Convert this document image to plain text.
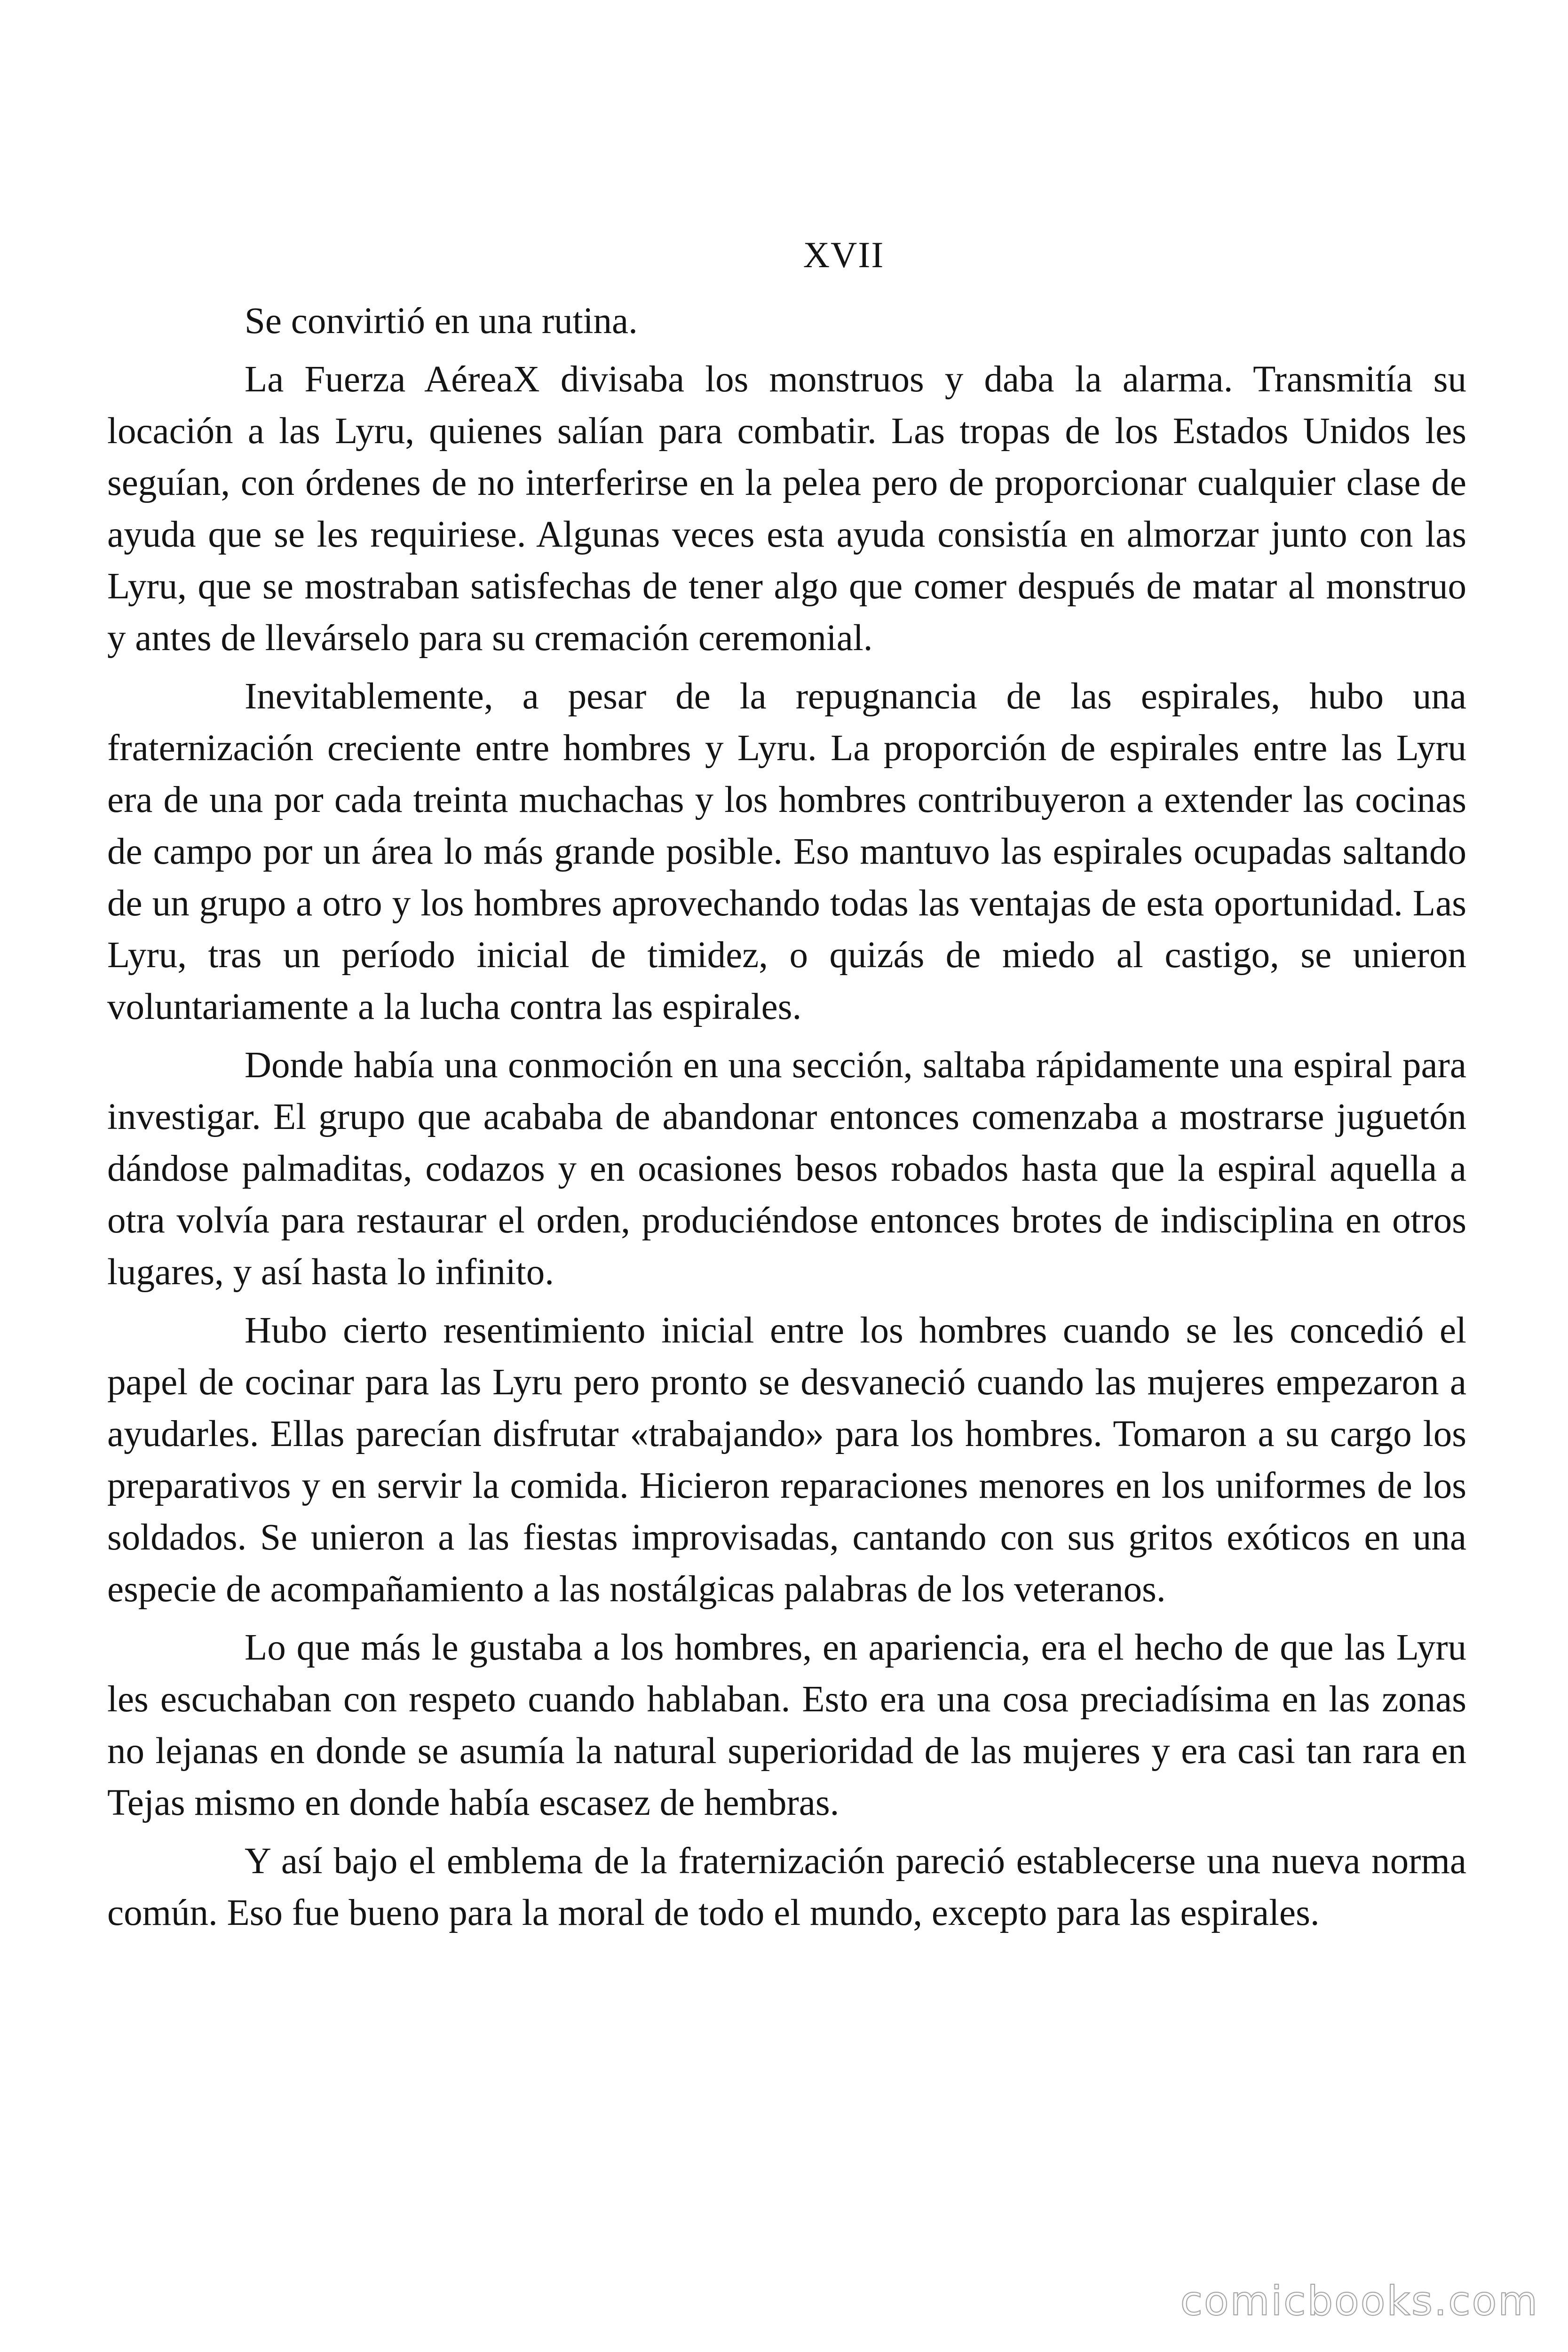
XVII

Se convirtió en una rutina.

La Fuerza AéreaX divisaba los monstruos y daba la alarma. Transmitía su locación a las Lyru, quienes salían para combatir. Las tropas de los Estados Unidos les seguían, con órdenes de no interferirse en la pelea pero de proporcionar cualquier clase de ayuda que se les requiriese. Algunas veces esta ayuda consistía en almorzar junto con las Lyru, que se mostraban satisfechas de tener algo que comer después de matar al monstruo y antes de llevárselo para su cremación ceremonial.

Inevitablemente, a pesar de la repugnancia de las espirales, hubo una fraternización creciente entre hombres y Lyru. La proporción de espirales entre las Lyru era de una por cada treinta muchachas y los hombres contribuyeron a extender las cocinas de campo por un área lo más grande posible. Eso mantuvo las espirales ocupadas saltando de un grupo a otro y los hombres aprovechando todas las ventajas de esta oportunidad. Las Lyru, tras un período inicial de timidez, o quizás de miedo al castigo, se unieron voluntariamente a la lucha contra las espirales.

Donde había una conmoción en una sección, saltaba rápidamente una espiral para investigar. El grupo que acababa de abandonar entonces comenzaba a mostrarse juguetón dándose palmaditas, codazos y en ocasiones besos robados hasta que la espiral aquella a otra volvía para restaurar el orden, produciéndose entonces brotes de indisciplina en otros lugares, y así hasta lo infinito.

Hubo cierto resentimiento inicial entre los hombres cuando se les concedió el papel de cocinar para las Lyru pero pronto se desvaneció cuando las mujeres empezaron a ayudarles. Ellas parecían disfrutar «trabajando» para los hombres. Tomaron a su cargo los preparativos y en servir la comida. Hicieron reparaciones menores en los uniformes de los soldados. Se unieron a las fiestas improvisadas, cantando con sus gritos exóticos en una especie de acompañamiento a las nostálgicas palabras de los veteranos.

Lo que más le gustaba a los hombres, en apariencia, era el hecho de que las Lyru les escuchaban con respeto cuando hablaban. Esto era una cosa preciadísima en las zonas no lejanas en donde se asumía la natural superioridad de las mujeres y era casi tan rara en Tejas mismo en donde había escasez de hembras.

Y así bajo el emblema de la fraternización pareció establecerse una nueva norma común. Eso fue bueno para la moral de todo el mundo, excepto para las espirales.

comicbooks.com
